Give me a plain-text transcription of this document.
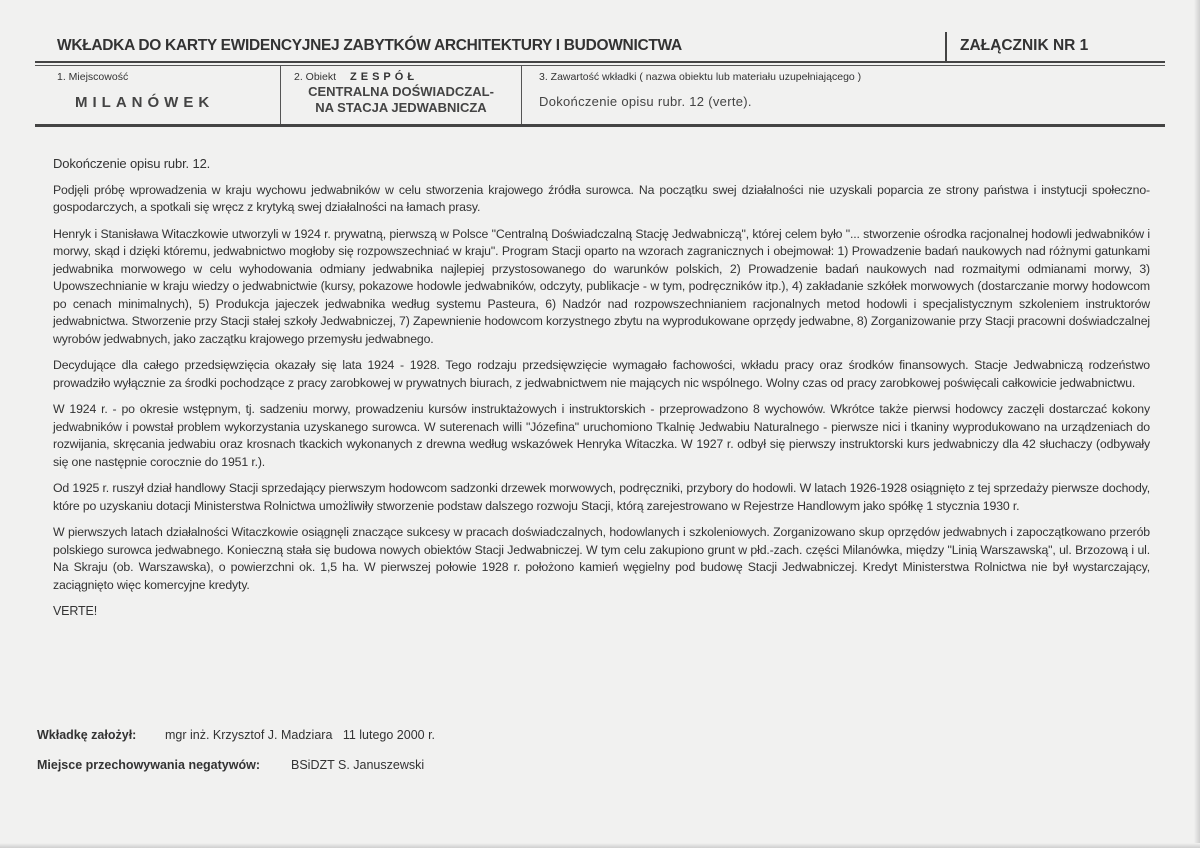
WKŁADKA DO KARTY EWIDENCYJNEJ ZABYTKÓW ARCHITEKTURY I BUDOWNICTWA	ZAŁĄCZNIK NR 1
1. Miejscowość
MILANÓWEK
2. Obiekt ZESPÓŁ
CENTRALNA DOŚWIADCZAL-
NA STACJA JEDWABNICZA
3. Zawartość wkładki ( nazwa obiektu lub materiału uzupełniającego )
Dokończenie opisu rubr. 12 (verte).

Dokończenie opisu rubr. 12.

Podjęli próbę wprowadzenia w kraju wychowu jedwabników w celu stworzenia krajowego źródła surowca. Na początku swej działalności nie uzyskali poparcia ze strony państwa i instytucji społeczno-gospodarczych, a spotkali się wręcz z krytyką swej działalności na łamach prasy.

Henryk i Stanisława Witaczkowie utworzyli w 1924 r. prywatną, pierwszą w Polsce "Centralną Doświadczalną Stację Jedwabniczą", której celem było "... stworzenie ośrodka racjonalnej hodowli jedwabników i morwy, skąd i dzięki któremu, jedwabnictwo mogłoby się rozpowszechniać w kraju". Program Stacji oparto na wzorach zagranicznych i obejmował: 1) Prowadzenie badań naukowych nad różnymi gatunkami jedwabnika morwowego w celu wyhodowania odmiany jedwabnika najlepiej przystosowanego do warunków polskich, 2) Prowadzenie badań naukowych nad rozmaitymi odmianami morwy, 3) Upowszechnianie w kraju wiedzy o jedwabnictwie (kursy, pokazowe hodowle jedwabników, odczyty, publikacje - w tym, podręczników itp.), 4) zakładanie szkółek morwowych (dostarczanie morwy hodowcom po cenach minimalnych), 5) Produkcja jajeczek jedwabnika według systemu Pasteura, 6) Nadzór nad rozpowszechnianiem racjonalnych metod hodowli i specjalistycznym szkoleniem instruktorów jedwabnictwa. Stworzenie przy Stacji stałej szkoły Jedwabniczej, 7) Zapewnienie hodowcom korzystnego zbytu na wyprodukowane oprzędy jedwabne, 8) Zorganizowanie przy Stacji pracowni doświadczalnej wyrobów jedwabnych, jako zaczątku krajowego przemysłu jedwabnego.

Decydujące dla całego przedsięwzięcia okazały się lata 1924 - 1928. Tego rodzaju przedsięwzięcie wymagało fachowości, wkładu pracy oraz środków finansowych. Stacje Jedwabniczą rodzeństwo prowadziło wyłącznie za środki pochodzące z pracy zarobkowej w prywatnych biurach, z jedwabnictwem nie mających nic wspólnego. Wolny czas od pracy zarobkowej poświęcali całkowicie jedwabnictwu.

W 1924 r. - po okresie wstępnym, tj. sadzeniu morwy, prowadzeniu kursów instruktażowych i instruktorskich - przeprowadzono 8 wychowów. Wkrótce także pierwsi hodowcy zaczęli dostarczać kokony jedwabników i powstał problem wykorzystania uzyskanego surowca. W suterenach willi "Józefina" uruchomiono Tkalnię Jedwabiu Naturalnego - pierwsze nici i tkaniny wyprodukowano na urządzeniach do rozwijania, skręcania jedwabiu oraz krosnach tkackich wykonanych z drewna według wskazówek Henryka Witaczka. W 1927 r. odbył się pierwszy instruktorski kurs jedwabniczy dla 42 słuchaczy (odbywały się one następnie corocznie do 1951 r.).

Od 1925 r. ruszył dział handlowy Stacji sprzedający pierwszym hodowcom sadzonki drzewek morwowych, podręczniki, przybory do hodowli. W latach 1926-1928 osiągnięto z tej sprzedaży pierwsze dochody, które po uzyskaniu dotacji Ministerstwa Rolnictwa umożliwiły stworzenie podstaw dalszego rozwoju Stacji, którą zarejestrowano w Rejestrze Handlowym jako spółkę 1 stycznia 1930 r.

W pierwszych latach działalności Witaczkowie osiągnęli znaczące sukcesy w pracach doświadczalnych, hodowlanych i szkoleniowych. Zorganizowano skup oprzędów jedwabnych i zapoczątkowano przerób polskiego surowca jedwabnego. Konieczną stała się budowa nowych obiektów Stacji Jedwabniczej. W tym celu zakupiono grunt w płd.-zach. części Milanówka, między "Linią Warszawską", ul. Brzozową i ul. Na Skraju (ob. Warszawska), o powierzchni ok. 1,5 ha. W pierwszej połowie 1928 r. położono kamień węgielny pod budowę Stacji Jedwabniczej. Kredyt Ministerstwa Rolnictwa nie był wystarczający, zaciągnięto więc komercyjne kredyty.

VERTE!

Wkładkę założył: mgr inż. Krzysztof J. Madziara   11 lutego 2000 r.
Miejsce przechowywania negatywów: BSiDZT S. Januszewski
